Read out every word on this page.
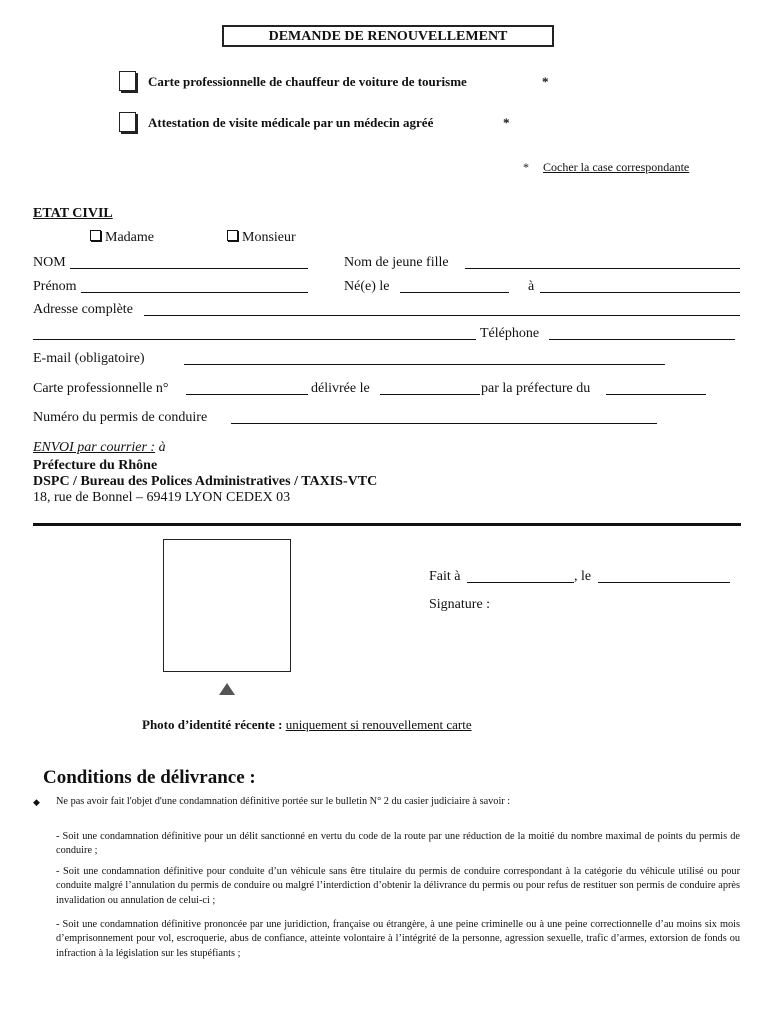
DEMANDE DE RENOUVELLEMENT
Carte professionnelle de chauffeur de voiture de tourisme	*
Attestation de visite médicale par un médecin agréé	*
* Cocher la case correspondante
ETAT CIVIL
Madame	Monsieur
NOM	Nom de jeune fille
Prénom	Né(e) le	à
Adresse complète
Téléphone
E-mail (obligatoire)
Carte professionnelle n°	délivrée le	par la préfecture du
Numéro du permis de conduire
ENVOI par courrier : à
Préfecture du Rhône
DSPC / Bureau des Polices Administratives / TAXIS-VTC
18, rue de Bonnel – 69419 LYON CEDEX 03
Fait à	, le
Signature :
Photo d’identité récente : uniquement si renouvellement carte
Conditions de délivrance :
◆ Ne pas avoir fait l'objet d'une condamnation définitive portée sur le bulletin N° 2 du casier judiciaire à savoir :
- Soit une condamnation définitive pour un délit sanctionné en vertu du code de la route par une réduction de la moitié du nombre maximal de points du permis de conduire ;
- Soit une condamnation définitive pour conduite d’un véhicule sans être titulaire du permis de conduire correspondant à la catégorie du véhicule utilisé ou pour conduite malgré l’annulation du permis de conduire ou malgré l’interdiction d’obtenir la délivrance du permis ou pour refus de restituer son permis de conduire après invalidation ou annulation de celui-ci ;
- Soit une condamnation définitive prononcée par une juridiction, française ou étrangère, à une peine criminelle ou à une peine correctionnelle d’au moins six mois d’emprisonnement pour vol, escroquerie, abus de confiance, atteinte volontaire à l’intégrité de la personne, agression sexuelle, trafic d’armes, extorsion de fonds ou infraction à la législation sur les stupéfiants ;
